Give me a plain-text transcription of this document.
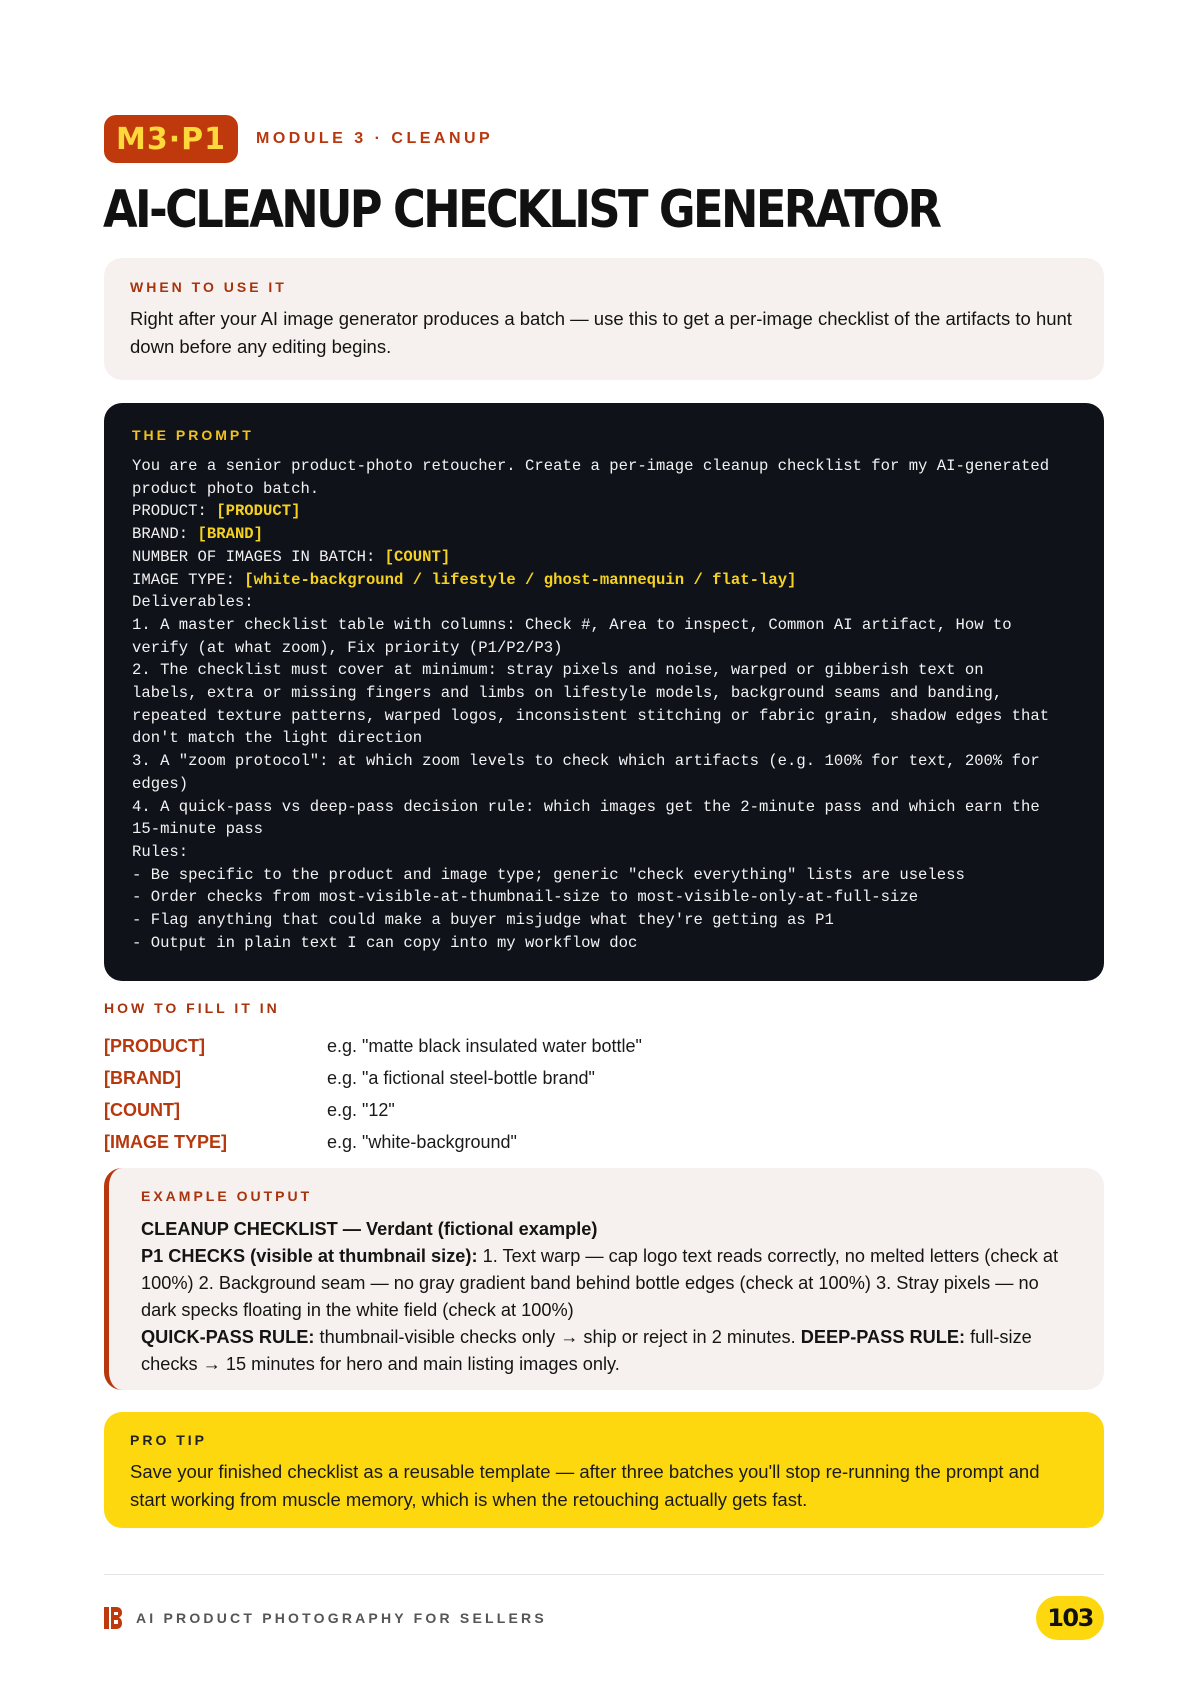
M3·P1	MODULE 3 · CLEANUP
AI-CLEANUP CHECKLIST GENERATOR
WHEN TO USE IT

Right after your AI image generator produces a batch — use this to get a per-image checklist of the artifacts to hunt down before any editing begins.

THE PROMPT
You are a senior product-photo retoucher. Create a per-image cleanup checklist for my AI-generated
product photo batch.
PRODUCT: [PRODUCT]
BRAND: [BRAND]
NUMBER OF IMAGES IN BATCH: [COUNT]
IMAGE TYPE: [white-background / lifestyle / ghost-mannequin / flat-lay]
Deliverables:
1. A master checklist table with columns: Check #, Area to inspect, Common AI artifact, How to
verify (at what zoom), Fix priority (P1/P2/P3)
2. The checklist must cover at minimum: stray pixels and noise, warped or gibberish text on
labels, extra or missing fingers and limbs on lifestyle models, background seams and banding,
repeated texture patterns, warped logos, inconsistent stitching or fabric grain, shadow edges that
don't match the light direction
3. A "zoom protocol": at which zoom levels to check which artifacts (e.g. 100% for text, 200% for
edges)
4. A quick-pass vs deep-pass decision rule: which images get the 2-minute pass and which earn the
15-minute pass
Rules:
- Be specific to the product and image type; generic "check everything" lists are useless
- Order checks from most-visible-at-thumbnail-size to most-visible-only-at-full-size
- Flag anything that could make a buyer misjudge what they're getting as P1
- Output in plain text I can copy into my workflow doc
HOW TO FILL IT IN
[PRODUCT]	e.g. "matte black insulated water bottle"
[BRAND]	e.g. "a fictional steel-bottle brand"
[COUNT]	e.g. "12"
[IMAGE TYPE]	e.g. "white-background"
EXAMPLE OUTPUT
CLEANUP CHECKLIST — Verdant (fictional example)
P1 CHECKS (visible at thumbnail size): 1. Text warp — cap logo text reads correctly, no melted letters (check at 100%) 2. Background seam — no gray gradient band behind bottle edges (check at 100%) 3. Stray pixels — no dark specks floating in the white field (check at 100%)
QUICK-PASS RULE: thumbnail-visible checks only → ship or reject in 2 minutes. DEEP-PASS RULE: full-size checks → 15 minutes for hero and main listing images only.
PRO TIP

Save your finished checklist as a reusable template — after three batches you'll stop re-running the prompt and start working from muscle memory, which is when the retouching actually gets fast.

AI PRODUCT PHOTOGRAPHY FOR SELLERS	103
